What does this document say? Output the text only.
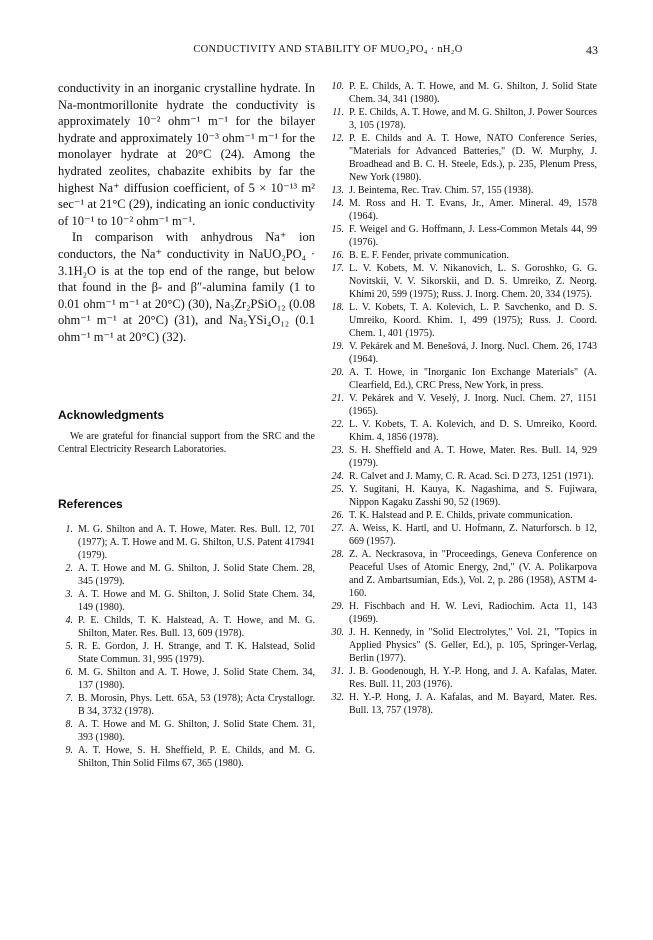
CONDUCTIVITY AND STABILITY OF MUO₂PO₄ · nH₂O	43

conductivity in an inorganic crystalline hydrate. In Na-montmorillonite hydrate the conductivity is approximately 10⁻² ohm⁻¹ m⁻¹ for the bilayer hydrate and approximately 10⁻³ ohm⁻¹ m⁻¹ for the monolayer hydrate at 20°C (24). Among the hydrated zeolites, chabazite exhibits by far the highest Na⁺ diffusion coefficient, of 5 × 10⁻¹³ m² sec⁻¹ at 21°C (29), indicating an ionic conductivity of 10⁻¹ to 10⁻² ohm⁻¹ m⁻¹.

In comparison with anhydrous Na⁺ ion conductors, the Na⁺ conductivity in NaUO₂PO₄ · 3.1H₂O is at the top end of the range, but below that found in the β- and β″-alumina family (1 to 0.01 ohm⁻¹ m⁻¹ at 20°C) (30), Na₃Zr₂PSiO₁₂ (0.08 ohm⁻¹ m⁻¹ at 20°C) (31), and Na₅YSi₄O₁₂ (0.1 ohm⁻¹ m⁻¹ at 20°C) (32).

Acknowledgments

We are grateful for financial support from the SRC and the Central Electricity Research Laboratories.

References

1. M. G. Shilton and A. T. Howe, Mater. Res. Bull. 12, 701 (1977); A. T. Howe and M. G. Shilton, U.S. Patent 417941 (1979).
2. A. T. Howe and M. G. Shilton, J. Solid State Chem. 28, 345 (1979).
3. A. T. Howe and M. G. Shilton, J. Solid State Chem. 34, 149 (1980).
4. P. E. Childs, T. K. Halstead, A. T. Howe, and M. G. Shilton, Mater. Res. Bull. 13, 609 (1978).
5. R. E. Gordon, J. H. Strange, and T. K. Halstead, Solid State Commun. 31, 995 (1979).
6. M. G. Shilton and A. T. Howe, J. Solid State Chem. 34, 137 (1980).
7. B. Morosin, Phys. Lett. 65A, 53 (1978); Acta Crystallogr. B 34, 3732 (1978).
8. A. T. Howe and M. G. Shilton, J. Solid State Chem. 31, 393 (1980).
9. A. T. Howe, S. H. Sheffield, P. E. Childs, and M. G. Shilton, Thin Solid Films 67, 365 (1980).
10. P. E. Childs, A. T. Howe, and M. G. Shilton, J. Solid State Chem. 34, 341 (1980).
11. P. E. Childs, A. T. Howe, and M. G. Shilton, J. Power Sources 3, 105 (1978).
12. P. E. Childs and A. T. Howe, NATO Conference Series, "Materials for Advanced Batteries," (D. W. Murphy, J. Broadhead and B. C. H. Steele, Eds.), p. 235, Plenum Press, New York (1980).
13. J. Beintema, Rec. Trav. Chim. 57, 155 (1938).
14. M. Ross and H. T. Evans, Jr., Amer. Mineral. 49, 1578 (1964).
15. F. Weigel and G. Hoffmann, J. Less-Common Metals 44, 99 (1976).
16. B. E. F. Fender, private communication.
17. L. V. Kobets, M. V. Nikanovich, L. S. Goroshko, G. G. Novitskii, V. V. Sikorskii, and D. S. Umreiko, Z. Neorg. Khimi 20, 599 (1975); Russ. J. Inorg. Chem. 20, 334 (1975).
18. L. V. Kobets, T. A. Kolevich, L. P. Savchenko, and D. S. Umreiko, Koord. Khim. 1, 499 (1975); Russ. J. Coord. Chem. 1, 401 (1975).
19. V. Pekárek and M. Benešová, J. Inorg. Nucl. Chem. 26, 1743 (1964).
20. A. T. Howe, in "Inorganic Ion Exchange Materials" (A. Clearfield, Ed.), CRC Press, New York, in press.
21. V. Pekárek and V. Veselý, J. Inorg. Nucl. Chem. 27, 1151 (1965).
22. L. V. Kobets, T. A. Kolevich, and D. S. Umreiko, Koord. Khim. 4, 1856 (1978).
23. S. H. Sheffield and A. T. Howe, Mater. Res. Bull. 14, 929 (1979).
24. R. Calvet and J. Mamy, C. R. Acad. Sci. D 273, 1251 (1971).
25. Y. Sugitani, H. Kauya, K. Nagashima, and S. Fujiwara, Nippon Kagaku Zasshi 90, 52 (1969).
26. T. K. Halstead and P. E. Childs, private communication.
27. A. Weiss, K. Hartl, and U. Hofmann, Z. Naturforsch. b 12, 669 (1957).
28. Z. A. Neckrasova, in "Proceedings, Geneva Conference on Peaceful Uses of Atomic Energy, 2nd," (V. A. Polikarpova and Z. Ambartsumian, Eds.), Vol. 2, p. 286 (1958), ASTM 4-160.
29. H. Fischbach and H. W. Levi, Radiochim. Acta 11, 143 (1969).
30. J. H. Kennedy, in "Solid Electrolytes," Vol. 21, "Topics in Applied Physics" (S. Geller, Ed.), p. 105, Springer-Verlag, Berlin (1977).
31. J. B. Goodenough, H. Y.-P. Hong, and J. A. Kafalas, Mater. Res. Bull. 11, 203 (1976).
32. H. Y.-P. Hong, J. A. Kafalas, and M. Bayard, Mater. Res. Bull. 13, 757 (1978).
